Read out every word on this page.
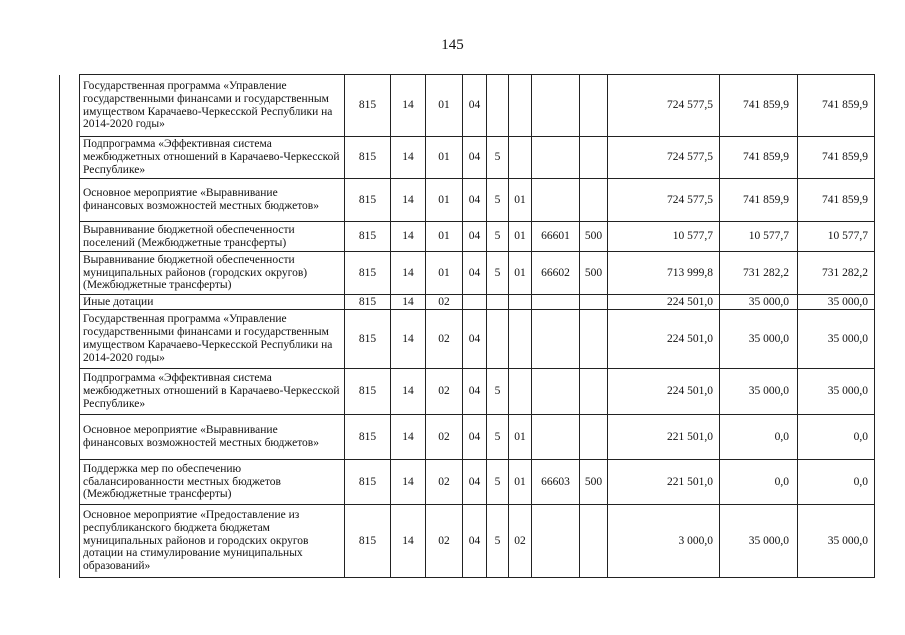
145
	Государственная программа «Управление государственными финансами и государственным имуществом Карачаево-Черкесской Республики на 2014-2020 годы»	815	14	01	04					724 577,5	741 859,9	741 859,9
	Подпрограмма «Эффективная система межбюджетных отношений в Карачаево-Черкесской Республике»	815	14	01	04	5				724 577,5	741 859,9	741 859,9
	Основное мероприятие «Выравнивание финансовых возможностей местных бюджетов»	815	14	01	04	5	01			724 577,5	741 859,9	741 859,9
	Выравнивание бюджетной обеспеченности поселений (Межбюджетные трансферты)	815	14	01	04	5	01	66601	500	10 577,7	10 577,7	10 577,7
	Выравнивание бюджетной обеспеченности муниципальных районов (городских округов) (Межбюджетные трансферты)	815	14	01	04	5	01	66602	500	713 999,8	731 282,2	731 282,2
	Иные дотации	815	14	02						224 501,0	35 000,0	35 000,0
	Государственная программа «Управление государственными финансами и государственным имуществом Карачаево-Черкесской Республики на 2014-2020 годы»	815	14	02	04					224 501,0	35 000,0	35 000,0
	Подпрограмма «Эффективная система межбюджетных отношений в Карачаево-Черкесской Республике»	815	14	02	04	5				224 501,0	35 000,0	35 000,0
	Основное мероприятие «Выравнивание финансовых возможностей местных бюджетов»	815	14	02	04	5	01			221 501,0	0,0	0,0
	Поддержка мер по обеспечению сбалансированности местных бюджетов (Межбюджетные трансферты)	815	14	02	04	5	01	66603	500	221 501,0	0,0	0,0
	Основное мероприятие «Предоставление из республиканского бюджета бюджетам муниципальных районов и городских округов дотации на стимулирование муниципальных образований»	815	14	02	04	5	02			3 000,0	35 000,0	35 000,0
